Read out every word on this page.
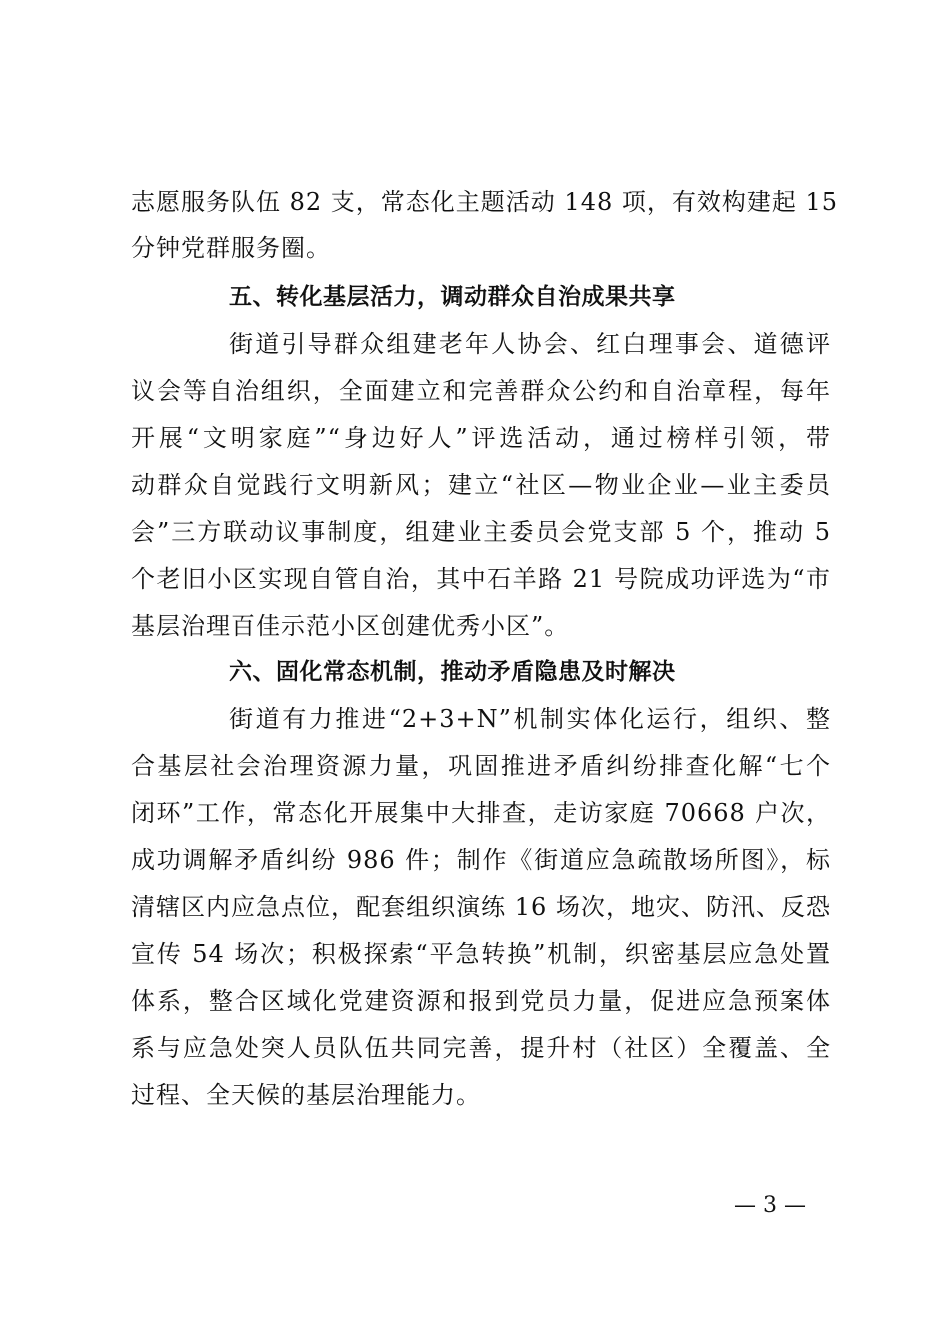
志愿服务队伍 82 支，常态化主题活动 148 项，有效构建起 15
分钟党群服务圈。
五、转化基层活力，调动群众自治成果共享
街道引导群众组建老年人协会、红白理事会、道德评
议会等自治组织，全面建立和完善群众公约和自治章程，每年
开展“文明家庭”“身边好人”评选活动，通过榜样引领，带
动群众自觉践行文明新风；建立“社区—物业企业—业主委员
会”三方联动议事制度，组建业主委员会党支部 5 个，推动 5
个老旧小区实现自管自治，其中石羊路 21 号院成功评选为“市
基层治理百佳示范小区创建优秀小区”。
六、固化常态机制，推动矛盾隐患及时解决
街道有力推进“2+3+N”机制实体化运行，组织、整
合基层社会治理资源力量，巩固推进矛盾纠纷排查化解“七个
闭环”工作，常态化开展集中大排查，走访家庭 70668 户次，
成功调解矛盾纠纷 986 件；制作《街道应急疏散场所图》，标
清辖区内应急点位，配套组织演练 16 场次，地灾、防汛、反恐
宣传 54 场次；积极探索“平急转换”机制，织密基层应急处置
体系，整合区域化党建资源和报到党员力量，促进应急预案体
系与应急处突人员队伍共同完善，提升村（社区）全覆盖、全
过程、全天候的基层治理能力。
— 3 —
